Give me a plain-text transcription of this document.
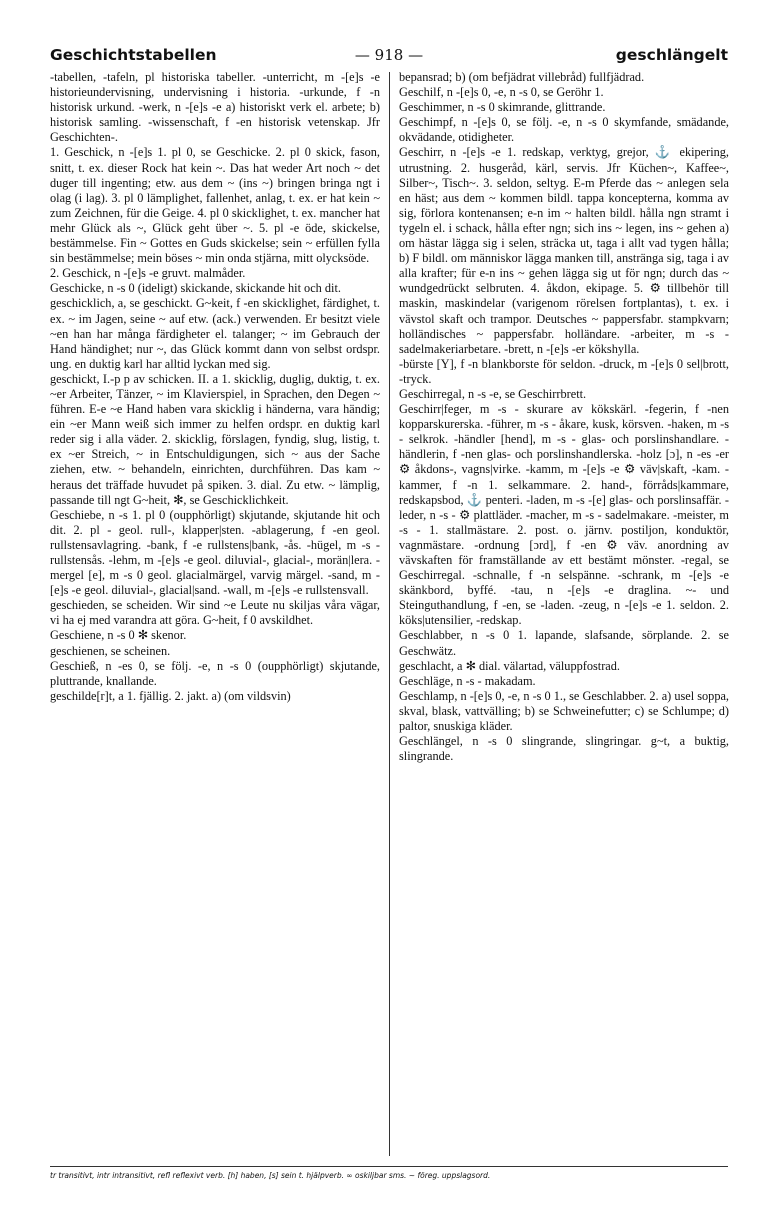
Geschichtstabellen	— 918 —	geschlängelt

-tabellen, -tafeln, pl historiska tabeller. -unterricht, m -[e]s -e historieundervisning, undervisning i historia. -urkunde, f -n historisk urkund. -werk, n -[e]s -e a) historiskt verk el. arbete; b) historisk samling. -wissenschaft, f -en historisk vetenskap. Jfr Geschichten-.

1. Geschick, n -[e]s 1. pl 0, se Geschicke. 2. pl 0 skick, fason, snitt, t. ex. dieser Rock hat kein ~. Das hat weder Art noch ~ det duger till ingenting; etw. aus dem ~ (ins ~) bringen bringa ngt i olag (i lag). 3. pl 0 lämplighet, fallenhet, anlag, t. ex. er hat kein ~ zum Zeichnen, für die Geige. 4. pl 0 skicklighet, t. ex. mancher hat mehr Glück als ~, Glück geht über ~. 5. pl -e öde, skickelse, bestämmelse. Fin ~ Gottes en Guds skickelse; sein ~ erfüllen fylla sin bestämmelse; mein böses ~ min onda stjärna, mitt olycksöde.

2. Geschick, n -[e]s -e gruvt. malmåder.

Geschicke, n -s 0 (ideligt) skickande, skickande hit och dit.

geschicklich, a, se geschickt. G~keit, f -en skicklighet, färdighet, t. ex. ~ im Jagen, seine ~ auf etw. (ack.) verwenden. Er besitzt viele ~en han har många färdigheter el. talanger; ~ im Gebrauch der Hand händighet; nur ~, das Glück kommt dann von selbst ordspr. ung. en duktig karl har alltid lyckan med sig.

geschickt, I.-p p av schicken. II. a 1. skicklig, duglig, duktig, t. ex. ~er Arbeiter, Tänzer, ~ im Klavierspiel, in Sprachen, den Degen ~ führen. E-e ~e Hand haben vara skicklig i händerna, vara händig; ein ~er Mann weiß sich immer zu helfen ordspr. en duktig karl reder sig i alla väder. 2. skicklig, förslagen, fyndig, slug, listig, t. ex ~er Streich, ~ in Entschuldigungen, sich ~ aus der Sache ziehen, etw. ~ behandeln, einrichten, durchführen. Das kam ~ heraus det träffade huvudet på spiken. 3. dial. Zu etw. ~ lämplig, passande till ngt G~heit, ✻, se Geschicklichkeit.

Geschiebe, n -s 1. pl 0 (oupphörligt) skjutande, skjutande hit och dit. 2. pl - geol. rull-, klapper|sten. -ablagerung, f -en geol. rullstensavlagring. -bank, f -e rullstens|bank, -ås. -hügel, m -s - rullstensås. -lehm, m -[e]s -e geol. diluvial-, glacial-, morän|lera. -mergel [e], m -s 0 geol. glacialmärgel, varvig märgel. -sand, m -[e]s -e geol. diluvial-, glacial|sand. -wall, m -[e]s -e rullstensvall.

geschieden, se scheiden. Wir sind ~e Leute nu skiljas våra vägar, vi ha ej med varandra att göra. G~heit, f 0 avskildhet.

Geschiene, n -s 0 ✻ skenor.

geschienen, se scheinen.

Geschieß, n -es 0, se följ. -e, n -s 0 (oupphörligt) skjutande, pluttrande, knallande.

geschilde[r]t, a 1. fjällig. 2. jakt. a) (om vildsvin)

bepansrad; b) (om befjädrat villebråd) fullfjädrad.

Geschilf, n -[e]s 0, -e, n -s 0, se Geröhr 1.

Geschimmer, n -s 0 skimrande, glittrande.

Geschimpf, n -[e]s 0, se följ. -e, n -s 0 skymfande, smädande, okvädande, otidigheter.

Geschirr, n -[e]s -e 1. redskap, verktyg, grejor, ⚓ ekipering, utrustning. 2. husgeråd, kärl, servis. Jfr Küchen~, Kaffee~, Silber~, Tisch~. 3. seldon, seltyg. E-m Pferde das ~ anlegen sela en häst; aus dem ~ kommen bildl. tappa koncepterna, komma av sig, förlora kontenansen; e-n im ~ halten bildl. hålla ngn stramt i tygeln el. i schack, hålla efter ngn; sich ins ~ legen, ins ~ gehen a) om hästar lägga sig i selen, sträcka ut, taga i allt vad tygen hålla; b) F bildl. om människor lägga manken till, anstränga sig, taga i av alla krafter; für e-n ins ~ gehen lägga sig ut för ngn; durch das ~ wundgedrückt selbruten. 4. åkdon, ekipage. 5. ⚙ tillbehör till maskin, maskindelar (varigenom rörelsen fortplantas), t. ex. i vävstol skaft och trampor. Deutsches ~ pappersfabr. stampkvarn; holländisches ~ pappersfabr. holländare. -arbeiter, m -s - sadelmakeriarbetare. -brett, n -[e]s -er kökshylla.

-bürste [Y], f -n blankborste för seldon. -druck, m -[e]s 0 sel|brott, -tryck.

Geschirregal, n -s -e, se Geschirrbrett.

Geschirr|feger, m -s - skurare av kökskärl. -fegerin, f -nen kopparskurerska. -führer, m -s - åkare, kusk, körsven. -haken, m -s - selkrok. -händler [hend], m -s - glas- och porslinshandlare. -händlerin, f -nen glas- och porslinshandlerska. -holz [ɔ], n -es -er ⚙ åkdons-, vagns|virke. -kamm, m -[e]s -e ⚙ väv|skaft, -kam. -kammer, f -n 1. selkammare. 2. hand-, förråds|kammare, redskapsbod, ⚓ penteri. -laden, m -s -[e] glas- och porslinsaffär. -leder, n -s - ⚙ plattläder. -macher, m -s - sadelmakare. -meister, m -s - 1. stallmästare. 2. post. o. järnv. postiljon, konduktör, vagnmästare. -ordnung [ɔrd], f -en ⚙ väv. anordning av vävskaften för framställande av ett bestämt mönster. -regal, se Geschirregal. -schnalle, f -n selspänne. -schrank, m -[e]s -e skänkbord, byffé. -tau, n -[e]s -e draglina. ~- und Steinguthandlung, f -en, se -laden. -zeug, n -[e]s -e 1. seldon. 2. köks|utensilier, -redskap.

Geschlabber, n -s 0 1. lapande, slafsande, sörplande. 2. se Geschwätz.

geschlacht, a ✻ dial. välartad, väluppfostrad.

Geschläge, n -s - makadam.

Geschlamp, n -[e]s 0, -e, n -s 0 1., se Geschlabber. 2. a) usel soppa, skval, blask, vattvälling; b) se Schweinefutter; c) se Schlumpe; d) paltor, snuskiga kläder.

Geschlängel, n -s 0 slingrande, slingringar. g~t, a buktig, slingrande.

tr transitivt, intr intransitivt, refl reflexivt verb. [h] haben, [s] sein t. hjälpverb. ∞ oskiljbar sms. ~ föreg. uppslagsord.
